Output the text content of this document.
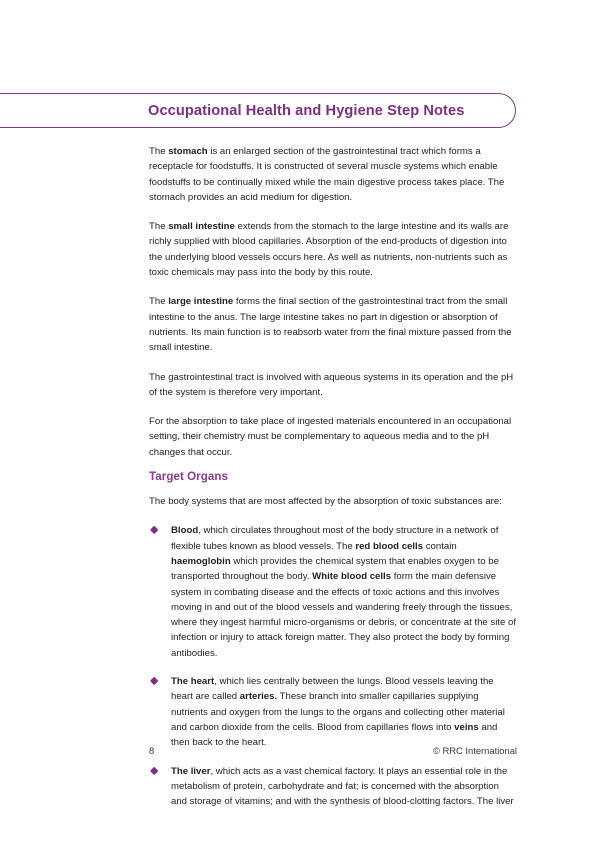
Occupational Health and Hygiene Step Notes

The stomach is an enlarged section of the gastrointestinal tract which forms a receptacle for foodstuffs. It is constructed of several muscle systems which enable foodstuffs to be continually mixed while the main digestive process takes place. The stomach provides an acid medium for digestion.

The small intestine extends from the stomach to the large intestine and its walls are richly supplied with blood capillaries. Absorption of the end-products of digestion into the underlying blood vessels occurs here. As well as nutrients, non-nutrients such as toxic chemicals may pass into the body by this route.

The large intestine forms the final section of the gastrointestinal tract from the small intestine to the anus. The large intestine takes no part in digestion or absorption of nutrients. Its main function is to reabsorb water from the final mixture passed from the small intestine.

The gastrointestinal tract is involved with aqueous systems in its operation and the pH of the system is therefore very important.

For the absorption to take place of ingested materials encountered in an occupational setting, their chemistry must be complementary to aqueous media and to the pH changes that occur.

Target Organs

The body systems that are most affected by the absorption of toxic substances are:

Blood, which circulates throughout most of the body structure in a network of flexible tubes known as blood vessels. The red blood cells contain haemoglobin which provides the chemical system that enables oxygen to be transported throughout the body. White blood cells form the main defensive system in combating disease and the effects of toxic actions and this involves moving in and out of the blood vessels and wandering freely through the tissues, where they ingest harmful micro-organisms or debris, or concentrate at the site of infection or injury to attack foreign matter. They also protect the body by forming antibodies.
The heart, which lies centrally between the lungs. Blood vessels leaving the heart are called arteries. These branch into smaller capillaries supplying nutrients and oxygen from the lungs to the organs and collecting other material and carbon dioxide from the cells. Blood from capillaries flows into veins and then back to the heart.
The liver, which acts as a vast chemical factory. It plays an essential role in the metabolism of protein, carbohydrate and fat; is concerned with the absorption and storage of vitamins; and with the synthesis of blood-clotting factors. The liver
8	© RRC International
